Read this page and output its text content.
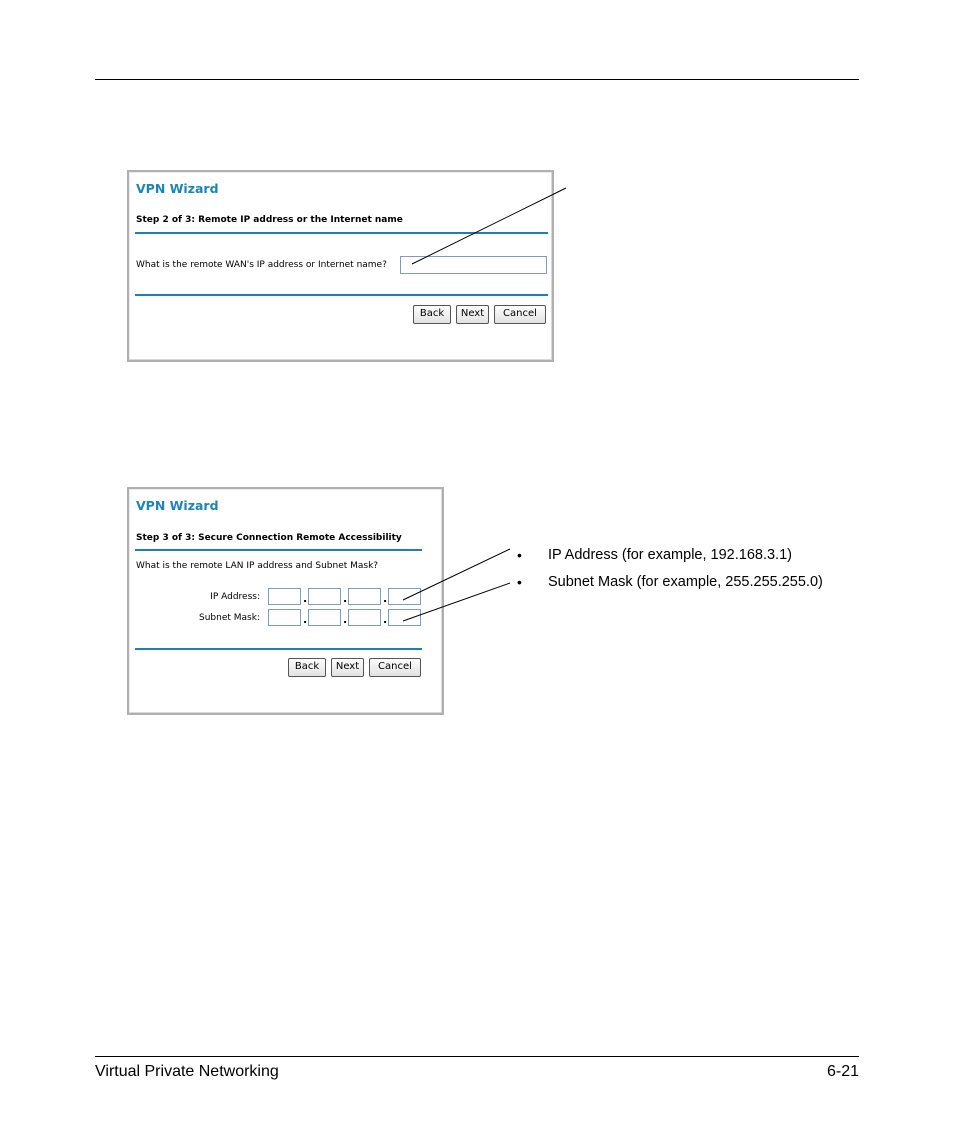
VPN Wizard
Step 2 of 3: Remote IP address or the Internet name
What is the remote WAN's IP address or Internet name?
Back	Next	Cancel
VPN Wizard
Step 3 of 3: Secure Connection Remote Accessibility
What is the remote LAN IP address and Subnet Mask?
IP Address:	.	.	.
Subnet Mask:	.	.	.
Back	Next	Cancel
• IP Address (for example, 192.168.3.1)
• Subnet Mask (for example, 255.255.255.0)
Virtual Private Networking	6-21
